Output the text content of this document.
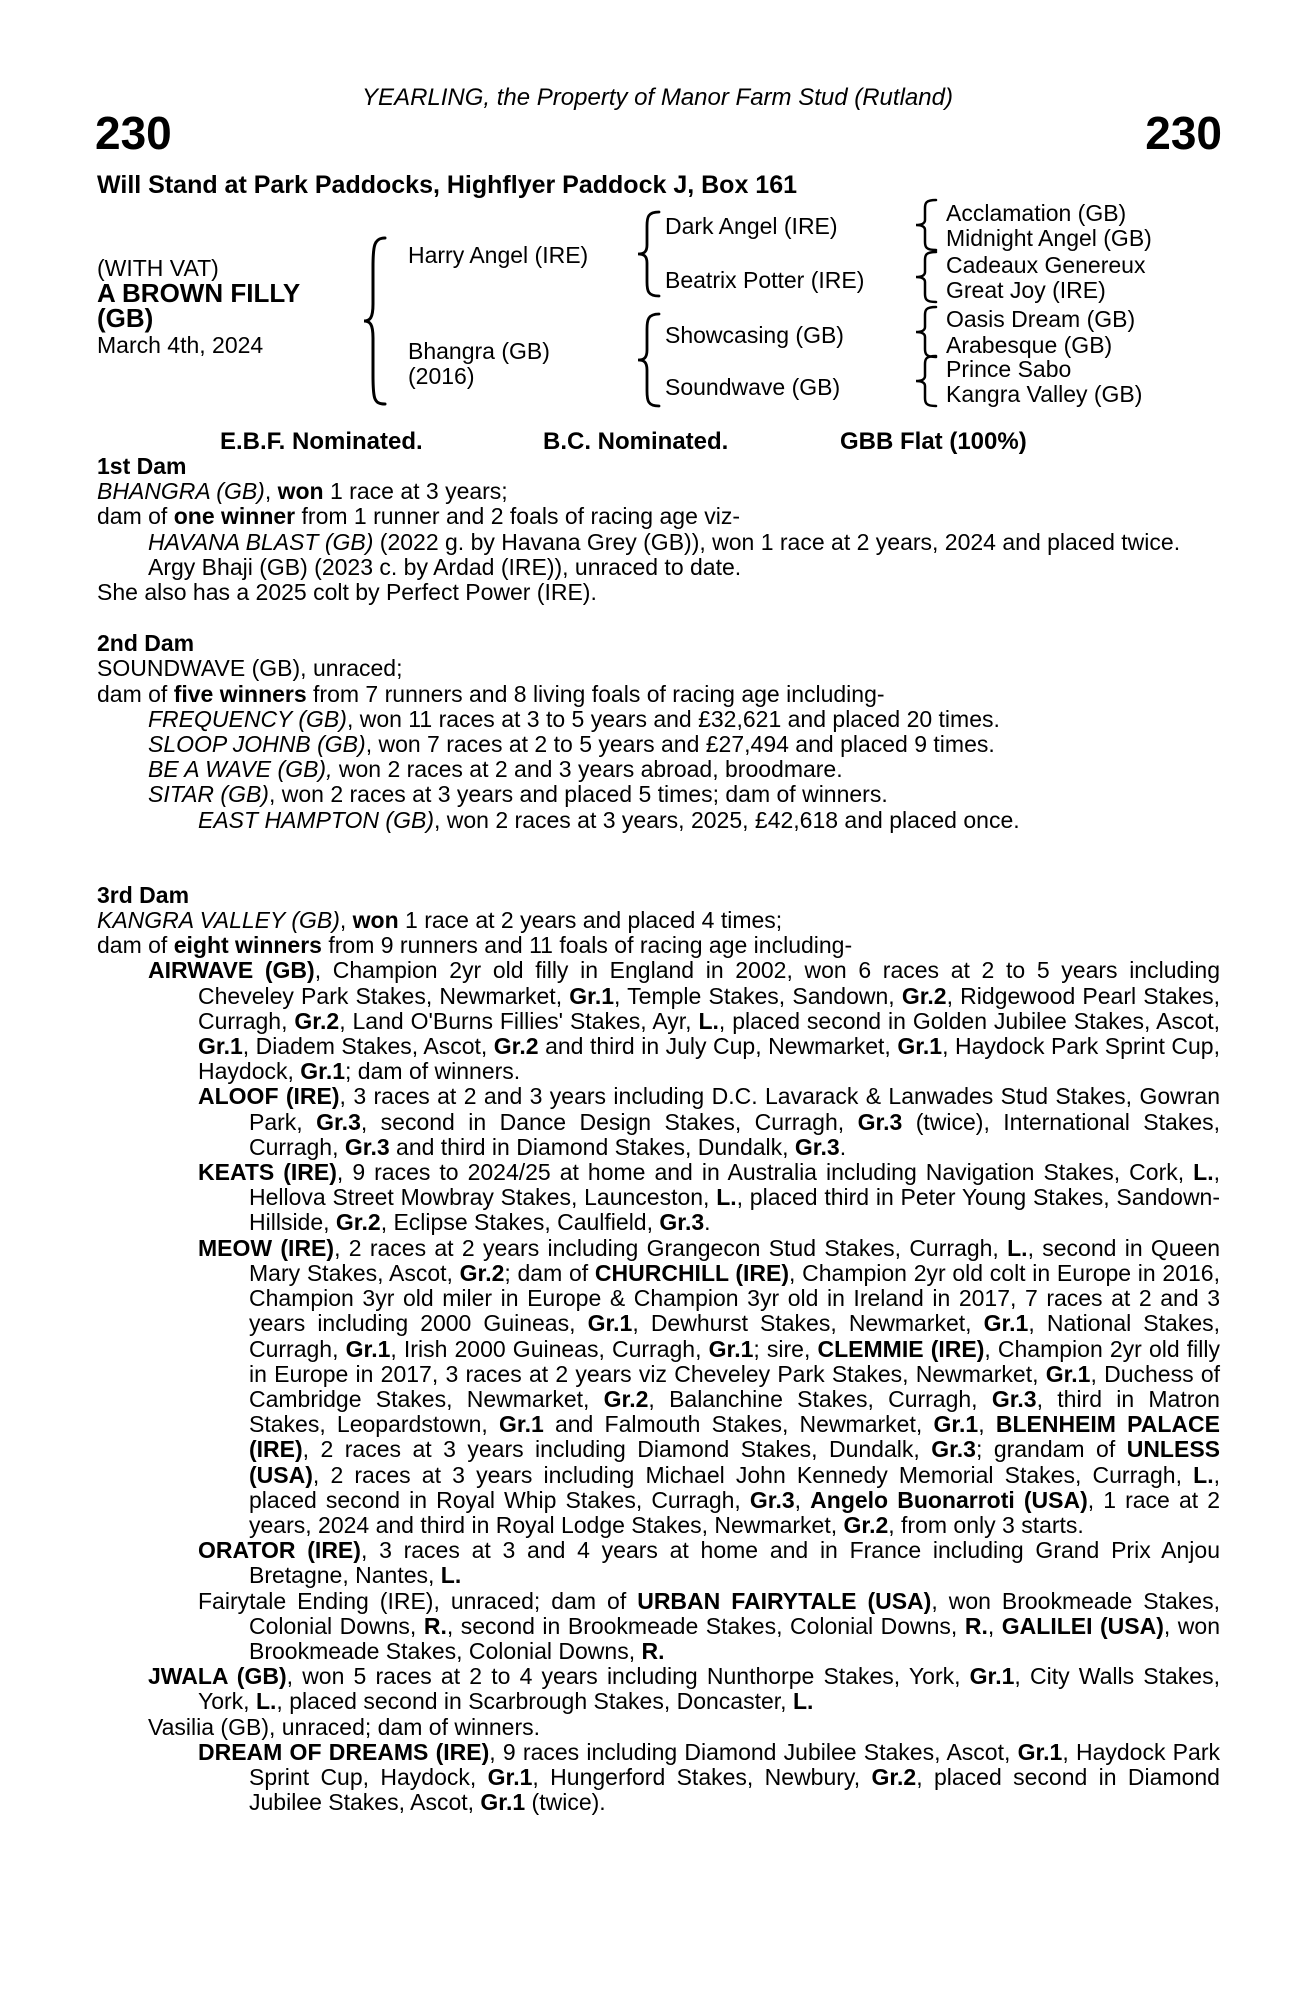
YEARLING, the Property of Manor Farm Stud (Rutland)
230	230
Will Stand at Park Paddocks, Highflyer Paddock J, Box 161
(WITH VAT)
A BROWN FILLY
(GB)
March 4th, 2024
Harry Angel (IRE)
Bhangra (GB)
(2016)
Dark Angel (IRE)
Beatrix Potter (IRE)
Showcasing (GB)
Soundwave (GB)
Acclamation (GB)
Midnight Angel (GB)
Cadeaux Genereux
Great Joy (IRE)
Oasis Dream (GB)
Arabesque (GB)
Prince Sabo
Kangra Valley (GB)
E.B.F. Nominated.	B.C. Nominated.	GBB Flat (100%)
1st Dam

BHANGRA (GB), won 1 race at 3 years;

dam of one winner from 1 runner and 2 foals of racing age viz-

HAVANA BLAST (GB) (2022 g. by Havana Grey (GB)), won 1 race at 2 years, 2024 and placed twice.

Argy Bhaji (GB) (2023 c. by Ardad (IRE)), unraced to date.

She also has a 2025 colt by Perfect Power (IRE).

2nd Dam

SOUNDWAVE (GB), unraced;

dam of five winners from 7 runners and 8 living foals of racing age including-

FREQUENCY (GB), won 11 races at 3 to 5 years and £32,621 and placed 20 times.

SLOOP JOHNB (GB), won 7 races at 2 to 5 years and £27,494 and placed 9 times.

BE A WAVE (GB), won 2 races at 2 and 3 years abroad, broodmare.

SITAR (GB), won 2 races at 3 years and placed 5 times; dam of winners.

EAST HAMPTON (GB), won 2 races at 3 years, 2025, £42,618 and placed once.

3rd Dam

KANGRA VALLEY (GB), won 1 race at 2 years and placed 4 times;

dam of eight winners from 9 runners and 11 foals of racing age including-

AIRWAVE (GB), Champion 2yr old filly in England in 2002, won 6 races at 2 to 5 years including Cheveley Park Stakes, Newmarket, Gr.1, Temple Stakes, Sandown, Gr.2, Ridgewood Pearl Stakes, Curragh, Gr.2, Land O'Burns Fillies' Stakes, Ayr, L., placed second in Golden Jubilee Stakes, Ascot, Gr.1, Diadem Stakes, Ascot, Gr.2 and third in July Cup, Newmarket, Gr.1, Haydock Park Sprint Cup, Haydock, Gr.1; dam of winners.

ALOOF (IRE), 3 races at 2 and 3 years including D.C. Lavarack & Lanwades Stud Stakes, Gowran Park, Gr.3, second in Dance Design Stakes, Curragh, Gr.3 (twice), International Stakes, Curragh, Gr.3 and third in Diamond Stakes, Dundalk, Gr.3.

KEATS (IRE), 9 races to 2024/25 at home and in Australia including Navigation Stakes, Cork, L., Hellova Street Mowbray Stakes, Launceston, L., placed third in Peter Young Stakes, Sandown-Hillside, Gr.2, Eclipse Stakes, Caulfield, Gr.3.

MEOW (IRE), 2 races at 2 years including Grangecon Stud Stakes, Curragh, L., second in Queen Mary Stakes, Ascot, Gr.2; dam of CHURCHILL (IRE), Champion 2yr old colt in Europe in 2016, Champion 3yr old miler in Europe & Champion 3yr old in Ireland in 2017, 7 races at 2 and 3 years including 2000 Guineas, Gr.1, Dewhurst Stakes, Newmarket, Gr.1, National Stakes, Curragh, Gr.1, Irish 2000 Guineas, Curragh, Gr.1; sire, CLEMMIE (IRE), Champion 2yr old filly in Europe in 2017, 3 races at 2 years viz Cheveley Park Stakes, Newmarket, Gr.1, Duchess of Cambridge Stakes, Newmarket, Gr.2, Balanchine Stakes, Curragh, Gr.3, third in Matron Stakes, Leopardstown, Gr.1 and Falmouth Stakes, Newmarket, Gr.1, BLENHEIM PALACE (IRE), 2 races at 3 years including Diamond Stakes, Dundalk, Gr.3; grandam of UNLESS (USA), 2 races at 3 years including Michael John Kennedy Memorial Stakes, Curragh, L., placed second in Royal Whip Stakes, Curragh, Gr.3, Angelo Buonarroti (USA), 1 race at 2 years, 2024 and third in Royal Lodge Stakes, Newmarket, Gr.2, from only 3 starts.

ORATOR (IRE), 3 races at 3 and 4 years at home and in France including Grand Prix Anjou Bretagne, Nantes, L.

Fairytale Ending (IRE), unraced; dam of URBAN FAIRYTALE (USA), won Brookmeade Stakes, Colonial Downs, R., second in Brookmeade Stakes, Colonial Downs, R., GALILEI (USA), won Brookmeade Stakes, Colonial Downs, R.

JWALA (GB), won 5 races at 2 to 4 years including Nunthorpe Stakes, York, Gr.1, City Walls Stakes, York, L., placed second in Scarbrough Stakes, Doncaster, L.

Vasilia (GB), unraced; dam of winners.

DREAM OF DREAMS (IRE), 9 races including Diamond Jubilee Stakes, Ascot, Gr.1, Haydock Park Sprint Cup, Haydock, Gr.1, Hungerford Stakes, Newbury, Gr.2, placed second in Diamond Jubilee Stakes, Ascot, Gr.1 (twice).
